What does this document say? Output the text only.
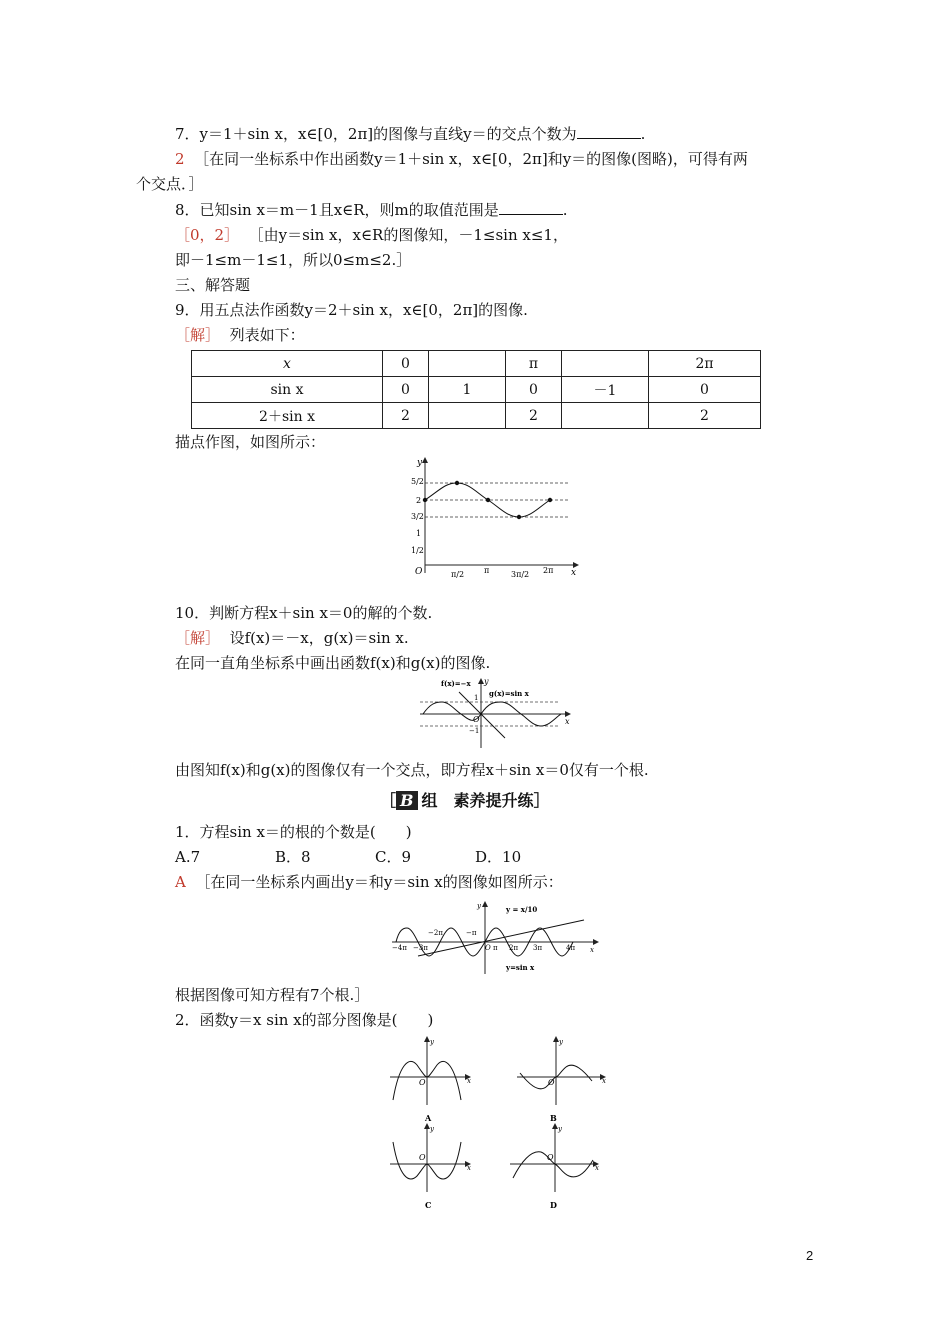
7．y＝1＋sin x，x∈[0，2π]的图像与直线y＝的交点个数为	.
2 ［在同一坐标系中作出函数y＝1＋sin x，x∈[0，2π]和y＝的图像(图略)，可得有两
个交点．］
8．已知sin x＝m－1且x∈R，则m的取值范围是	.
［0，2］ ［由y＝sin x，x∈R的图像知，－1≤sin x≤1，
即－1≤m－1≤1，所以0≤m≤2.］
三、解答题
9．用五点法作函数y＝2＋sin x，x∈[0，2π]的图像.
［解］ 列表如下：
x	0		π		2π
sin x	0	1	0	－1	0
2＋sin x	2		2		2
描点作图，如图所示：
y
5/2
2
3/2
1
1/2
O	π/2 π	3π/2 2π x
10．判断方程x＋sin x＝0的解的个数.
［解］ 设f(x)＝－x，g(x)＝sin x.
在同一直角坐标系中画出函数f(x)和g(x)的图像.
f(x)=−x
g(x)=sin x
y
1
O
−1
x
由图知f(x)和g(x)的图像仅有一个交点，即方程x＋sin x＝0仅有一个根.
［ B 组　素养提升练］
1．方程sin x＝的根的个数是(　　)
A.7	B．8	C．9	D．10
A ［在同一坐标系内画出y＝和y＝sin x的图像如图所示：
y = x/10
y=sin x
−4π −3π
−2π	−π
O π 2π 3π	4π x
y
根据图像可知方程有7个根.］
2．函数y＝x sin x的部分图像是(　　)
O	x
y
A
O	x
y
B
O
x
y
C
O
x
y
D
2
